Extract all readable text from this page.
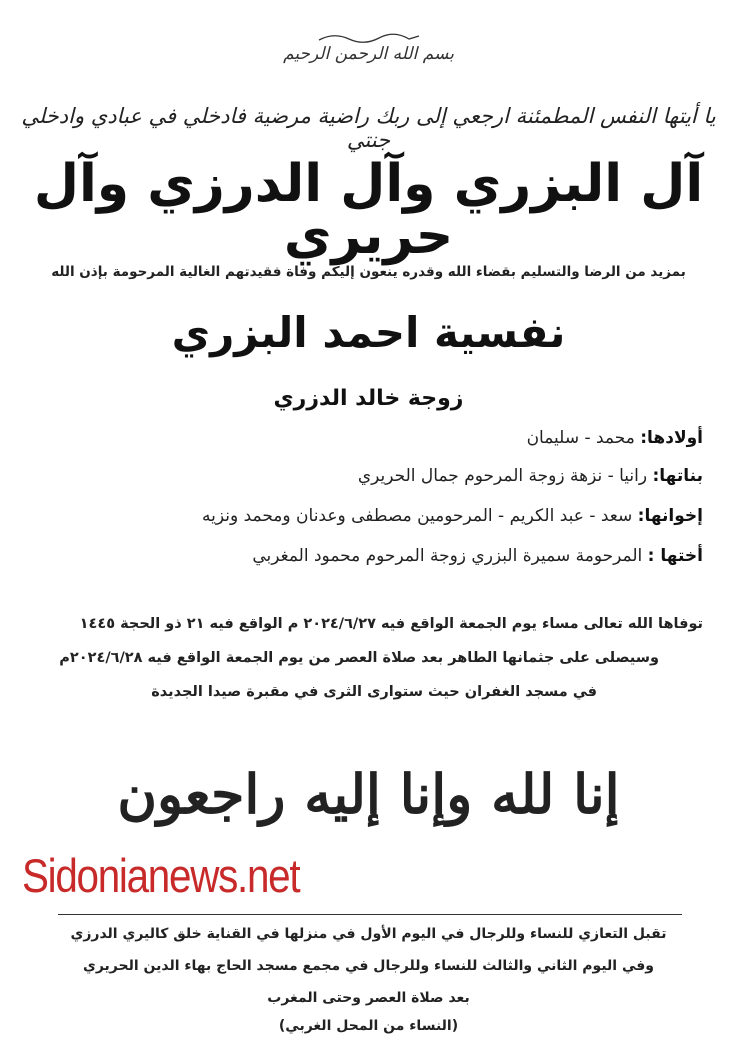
بسم الله الرحمن الرحيم
يا أيتها النفس المطمئنة ارجعي إلى ربك راضية مرضية فادخلي في عبادي وادخلي جنتي
آل البزري وآل الدرزي وآل حريري
بمزيد من الرضا والتسليم بقضاء الله وقدره ينعون إليكم وفاة فقيدتهم الغالية المرحومة بإذن الله
نفسية احمد البزري
زوجة خالد الدزري
أولادها: محمد - سليمان
بناتها: رانيا - نزهة زوجة المرحوم جمال الحريري
إخوانها: سعد - عبد الكريم - المرحومين مصطفى وعدنان ومحمد ونزيه
أختها : المرحومة سميرة البزري زوجة المرحوم محمود المغربي
توفاها الله تعالى مساء يوم الجمعة الواقع فيه ٢٠٢٤/٦/٢٧ م الواقع فيه ٢١ ذو الحجة ١٤٤٥
وسيصلى على جثمانها الطاهر بعد صلاة العصر من يوم الجمعة الواقع فيه ٢٠٢٤/٦/٢٨م
في مسجد الغفران حيث ستوارى الثرى في مقبرة صيدا الجديدة
إنا لله وإنا إليه راجعون
Sidonianews.net
تقبل التعازي للنساء وللرجال في اليوم الأول في منزلها في القناية خلق كاليري الدرزي
وفي اليوم الثاني والثالث للنساء وللرجال في مجمع مسجد الحاج بهاء الدين الحريري
بعد صلاة العصر وحتى المغرب
(النساء من المحل الغربي)
